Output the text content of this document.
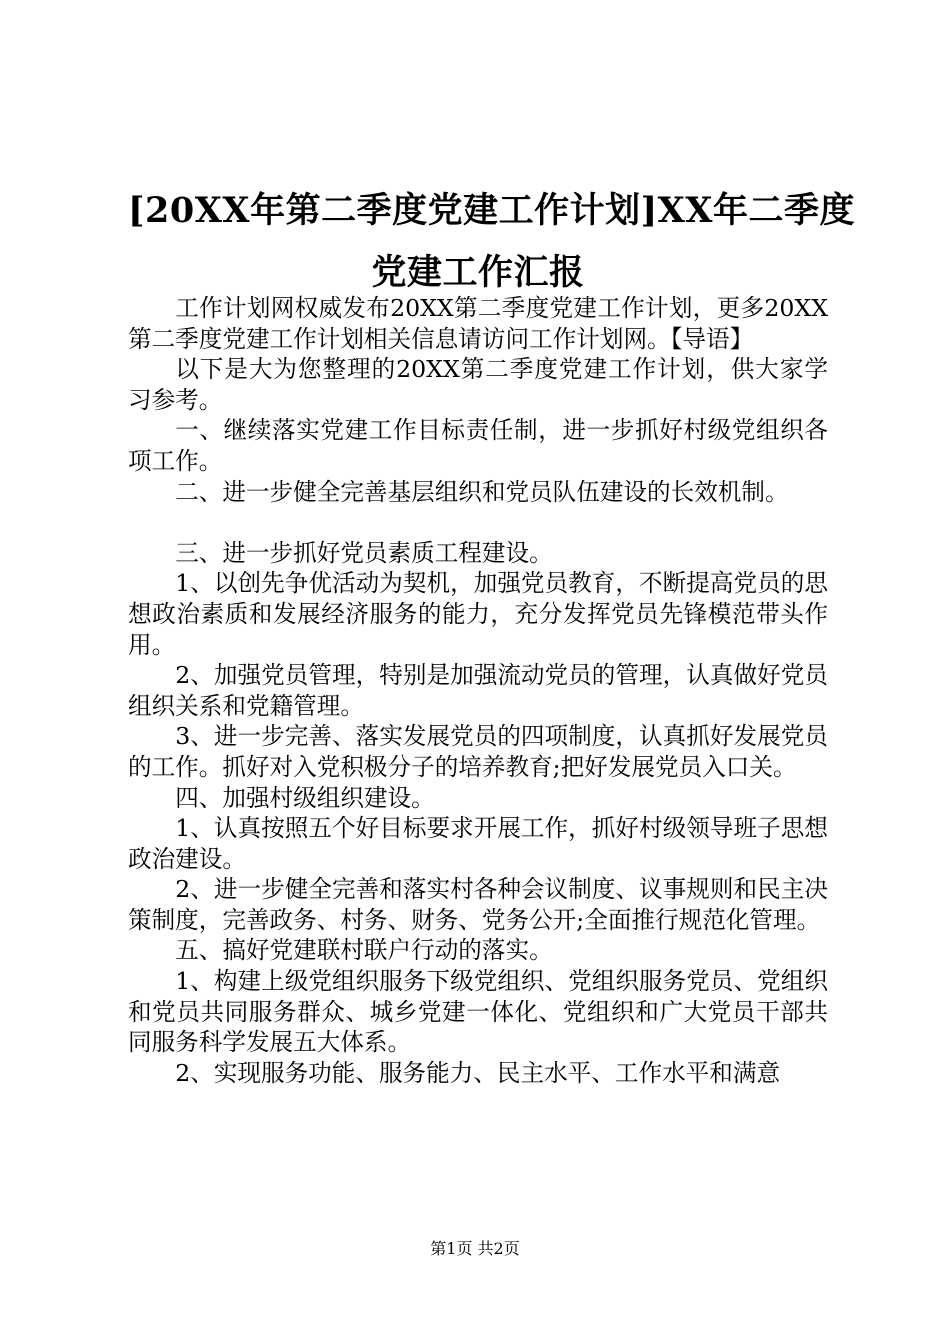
[20XX年第二季度党建工作计划]XX年二季度
党建工作汇报

工作计划网权威发布20XX第二季度党建工作计划，更多20XX第二季度党建工作计划相关信息请访问工作计划网。【导语】

以下是大为您整理的20XX第二季度党建工作计划，供大家学习参考。

一、继续落实党建工作目标责任制，进一步抓好村级党组织各项工作。

二、进一步健全完善基层组织和党员队伍建设的长效机制。

三、进一步抓好党员素质工程建设。

1、以创先争优活动为契机，加强党员教育，不断提高党员的思想政治素质和发展经济服务的能力，充分发挥党员先锋模范带头作用。

2、加强党员管理，特别是加强流动党员的管理，认真做好党员组织关系和党籍管理。

3、进一步完善、落实发展党员的四项制度，认真抓好发展党员的工作。抓好对入党积极分子的培养教育;把好发展党员入口关。

四、加强村级组织建设。

1、认真按照五个好目标要求开展工作，抓好村级领导班子思想政治建设。

2、进一步健全完善和落实村各种会议制度、议事规则和民主决策制度，完善政务、村务、财务、党务公开;全面推行规范化管理。

五、搞好党建联村联户行动的落实。

1、构建上级党组织服务下级党组织、党组织服务党员、党组织和党员共同服务群众、城乡党建一体化、党组织和广大党员干部共同服务科学发展五大体系。

2、实现服务功能、服务能力、民主水平、工作水平和满意

第1页 共2页
